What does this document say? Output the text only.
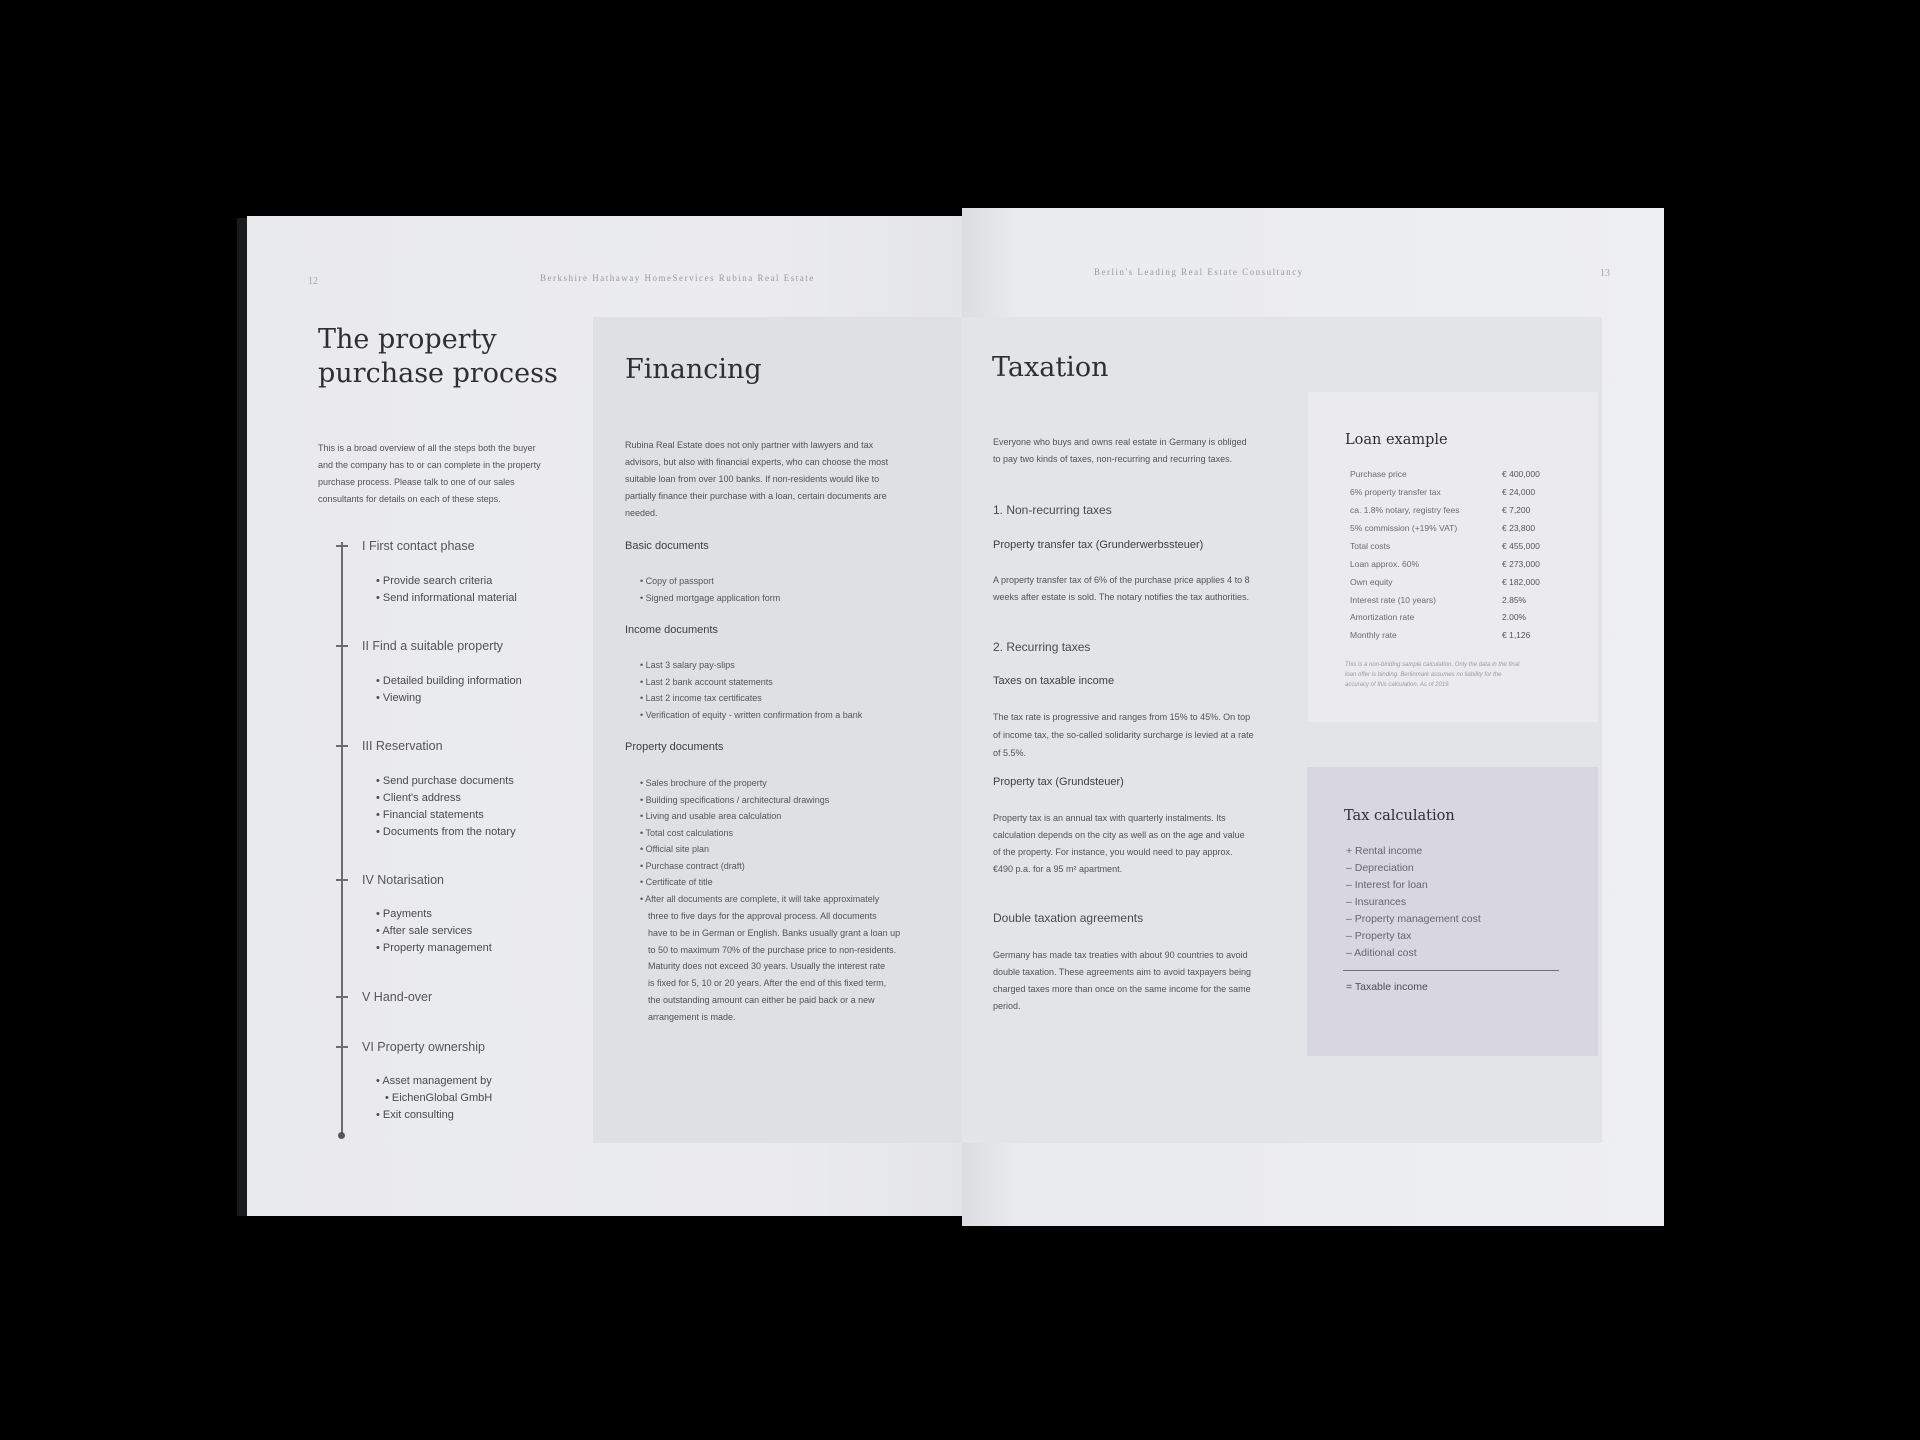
12	Berkshire Hathaway HomeServices Rubina Real Estate
Berlin's Leading Real Estate Consultancy	13
The property
purchase process
This is a broad overview of all the steps both the buyer
and the company has to or can complete in the property
purchase process. Please talk to one of our sales
consultants for details on each of these steps.
I First contact phase
• Provide search criteria
• Send informational material
II Find a suitable property
• Detailed building information
• Viewing
III Reservation
• Send purchase documents
• Client's address
• Financial statements
• Documents from the notary
IV Notarisation
• Payments
• After sale services
• Property management
V Hand-over
VI Property ownership
• Asset management by
• EichenGlobal GmbH
• Exit consulting
Financing
Rubina Real Estate does not only partner with lawyers and tax
advisors, but also with financial experts, who can choose the most
suitable loan from over 100 banks. If non-residents would like to
partially finance their purchase with a loan, certain documents are
needed.
Basic documents
• Copy of passport
• Signed mortgage application form
Income documents
• Last 3 salary pay-slips
• Last 2 bank account statements
• Last 2 income tax certificates
• Verification of equity - written confirmation from a bank
Property documents
• Sales brochure of the property
• Building specifications / architectural drawings
• Living and usable area calculation
• Total cost calculations
• Official site plan
• Purchase contract (draft)
• Certificate of title
• After all documents are complete, it will take approximately
three to five days for the approval process. All documents
have to be in German or English. Banks usually grant a loan up
to 50 to maximum 70% of the purchase price to non-residents.
Maturity does not exceed 30 years. Usually the interest rate
is fixed for 5, 10 or 20 years. After the end of this fixed term,
the outstanding amount can either be paid back or a new
arrangement is made.
Taxation
Everyone who buys and owns real estate in Germany is obliged
to pay two kinds of taxes, non-recurring and recurring taxes.
1. Non-recurring taxes
Property transfer tax (Grunderwerbssteuer)
A property transfer tax of 6% of the purchase price applies 4 to 8
weeks after estate is sold. The notary notifies the tax authorities.
2. Recurring taxes
Taxes on taxable income
The tax rate is progressive and ranges from 15% to 45%. On top
of income tax, the so-called solidarity surcharge is levied at a rate
of 5.5%.
Property tax (Grundsteuer)
Property tax is an annual tax with quarterly instalments. Its
calculation depends on the city as well as on the age and value
of the property. For instance, you would need to pay approx.
€490 p.a. for a 95 m² apartment.
Double taxation agreements
Germany has made tax treaties with about 90 countries to avoid
double taxation. These agreements aim to avoid taxpayers being
charged taxes more than once on the same income for the same
period.
Loan example
Purchase price	€ 400,000
6% property transfer tax	€ 24,000
ca. 1.8% notary, registry fees	€ 7,200
5% commission (+19% VAT)	€ 23,800
Total costs	€ 455,000
Loan approx. 60%	€ 273,000
Own equity	€ 182,000
Interest rate (10 years)	2.85%
Amortization rate	2.00%
Monthly rate	€ 1,126
This is a non-binding sample calculation. Only the data in the final
loan offer is binding. Berlinmark assumes no liability for the
accuracy of this calculation. As of 2019.
Tax calculation
+ Rental income
– Depreciation
– Interest for loan
– Insurances
– Property management cost
– Property tax
– Aditional cost
= Taxable income
